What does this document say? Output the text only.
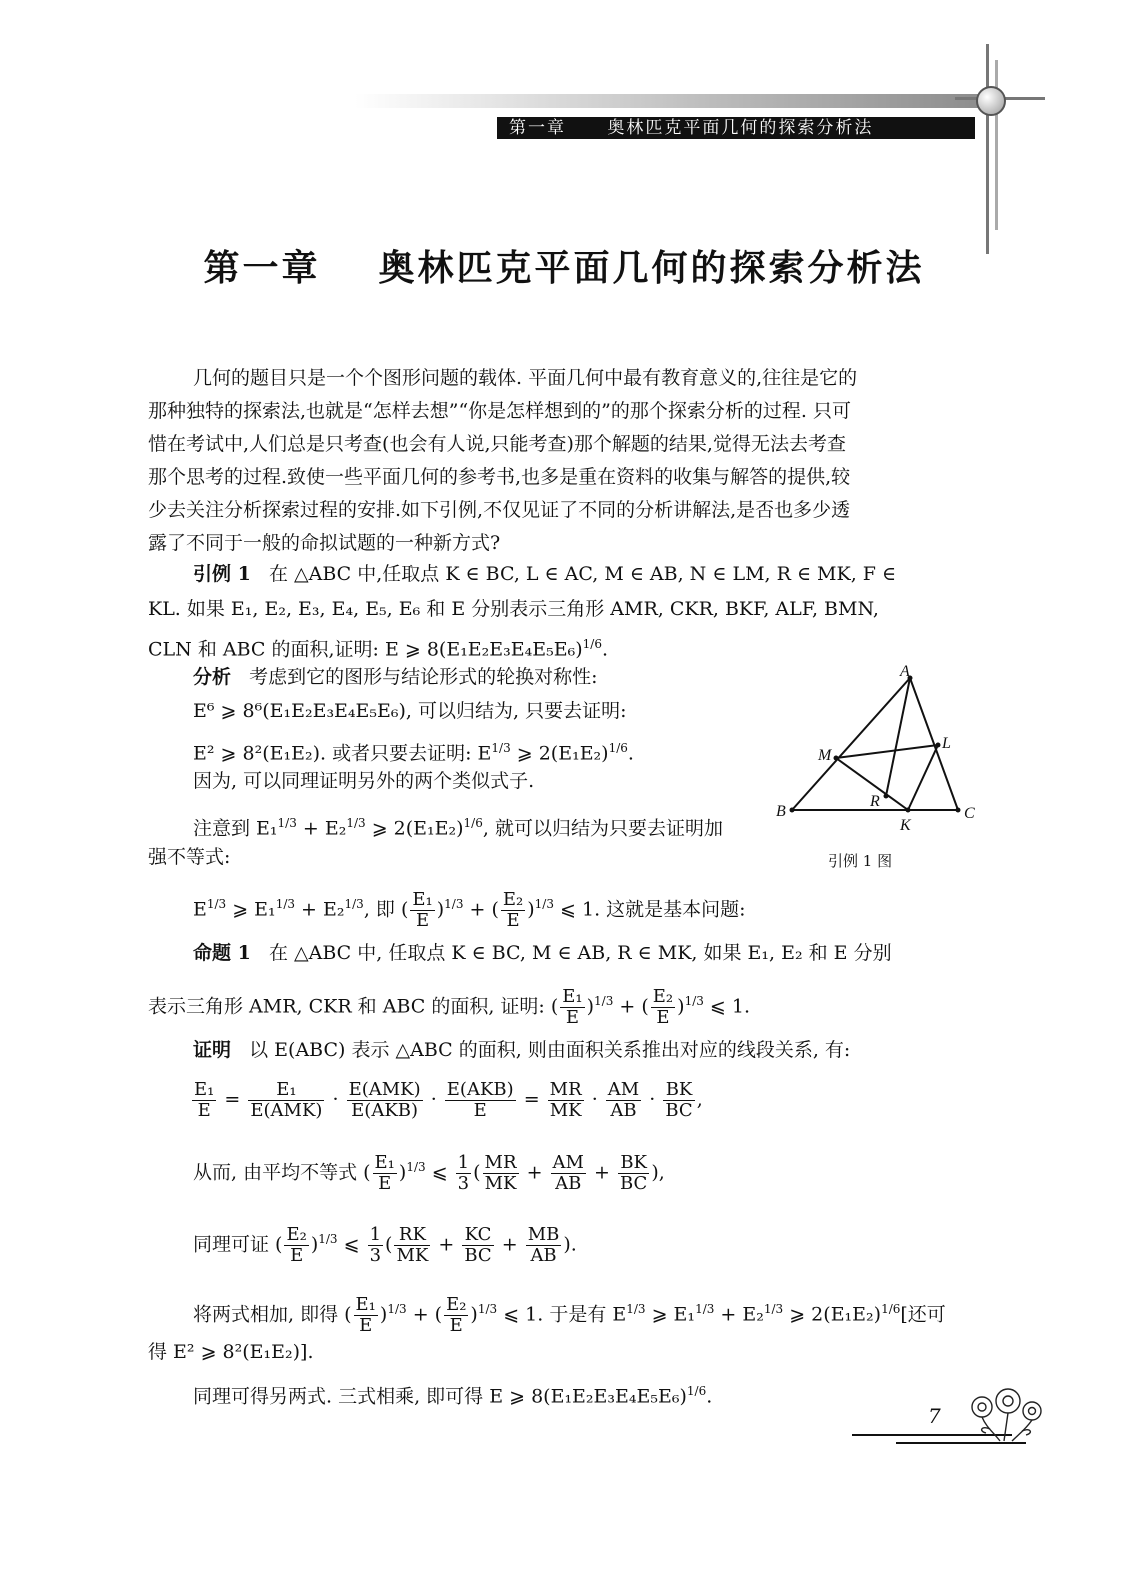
第一章 奥林匹克平面几何的探索分析法
第一章 奥林匹克平面几何的探索分析法
几何的题目只是一个个图形问题的载体. 平面几何中最有教育意义的,往往是它的
那种独特的探索法,也就是“怎样去想”“你是怎样想到的”的那个探索分析的过程. 只可
惜在考试中,人们总是只考查(也会有人说,只能考查)那个解题的结果,觉得无法去考查
那个思考的过程.致使一些平面几何的参考书,也多是重在资料的收集与解答的提供,较
少去关注分析探索过程的安排.如下引例,不仅见证了不同的分析讲解法,是否也多少透
露了不同于一般的命拟试题的一种新方式?
引例 1 在 △ABC 中,任取点 K ∈ BC, L ∈ AC, M ∈ AB, N ∈ LM, R ∈ MK, F ∈
KL. 如果 E₁, E₂, E₃, E₄, E₅, E₆ 和 E 分别表示三角形 AMR, CKR, BKF, ALF, BMN,
CLN 和 ABC 的面积,证明: E ⩾ $8(E_1E_2E_3E_4E_5E_6)^{1/6}$.
分析 考虑到它的图形与结论形式的轮换对称性:
E⁶ ⩾ 8⁶(E₁E₂E₃E₄E₅E₆), 可以归结为, 只要去证明:
E² ⩾ 8²(E₁E₂). 或者只要去证明: $E^{1/3}$ ⩾ $2(E_1E_2)^{1/6}$.
因为, 可以同理证明另外的两个类似式子.
注意到 E₁$^{1/3}$ + E₂$^{1/3}$ ⩾ $2(E_1E_2)^{1/6}$, 就可以归结为只要去证明加
强不等式:
$E^{1/3}$ ⩾ E₁$^{1/3}$ + E₂$^{1/3}$, 即 ( $\frac{\text{E₁}}{E} )^{1/3}$ + ( $\frac{\text{E₂}}{E} )^{1/3}$ ⩽ 1. 这就是基本问题:
A
L
M
R
B
K
C
引例 1 图
命题 1 在 △ABC 中, 任取点 K ∈ BC, M ∈ AB, R ∈ MK, 如果 E₁, E₂ 和 E 分别
表示三角形 AMR, CKR 和 ABC 的面积, 证明: ( $\frac{\text{E₁}}{E} )^{1/3}$ + ( $\frac{\text{E₂}}{E} )^{1/3}$ ⩽ 1.
证明 以 E(ABC) 表示 △ABC 的面积, 则由面积关系推出对应的线段关系, 有:
$\frac{\text{E₁}}{E} = \frac{\text{E₁}}{\text{E(AMK)}} \cdot \frac{\text{E(AMK)}}{\text{E(AKB)}} \cdot \frac{\text{E(AKB)}}{E} = \frac{MR}{MK} \cdot \frac{AM}{AB} \cdot \frac{BK}{BC}$ ,
从而, 由平均不等式 ( $\frac{\text{E₁}}{E} )^{1/3}$ ⩽ $\frac{1}{3}$ ( $\frac{MR}{MK} + \frac{AM}{AB} + \frac{BK}{BC}$ ),
同理可证 ( $\frac{\text{E₂}}{E} )^{1/3}$ ⩽ $\frac{1}{3}$ ( $\frac{RK}{MK} + \frac{KC}{BC} + \frac{MB}{AB}$ ).
将两式相加, 即得 ( $\frac{\text{E₁}}{E} )^{1/3}$ + ( $\frac{\text{E₂}}{E} )^{1/3}$ ⩽ 1. 于是有 $E^{1/3}$ ⩾ E₁$^{1/3}$ + E₂$^{1/3}$ ⩾ $2(E_1E_2)^{1/6}$[还可
得 E² ⩾ 8²(E₁E₂)].
同理可得另两式. 三式相乘, 即可得 E ⩾ $8(E_1E_2E_3E_4E_5E_6)^{1/6}$.
7
